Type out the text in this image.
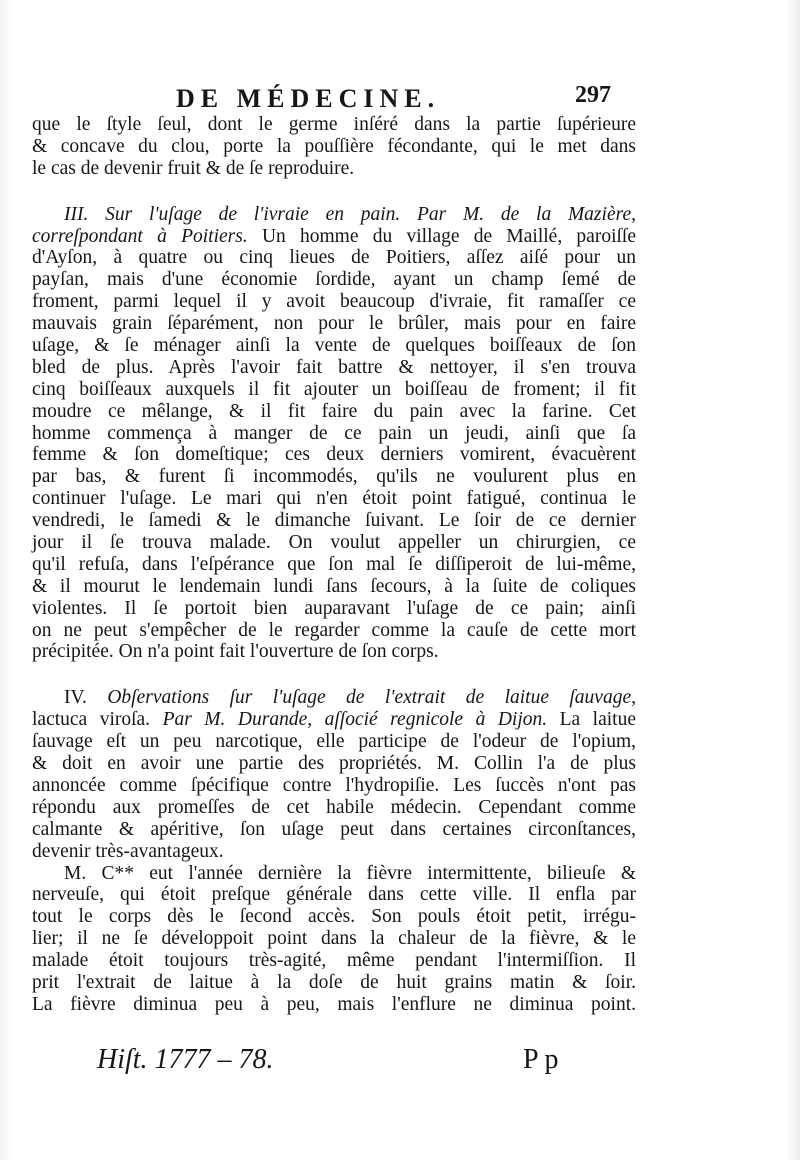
DE MÉDECINE.	297
que le ſtyle ſeul, dont le germe inſéré dans la partie ſupérieure
& concave du clou, porte la pouſſière fécondante, qui le met dans
le cas de devenir fruit & de ſe reproduire.
III. Sur l'uſage de l'ivraie en pain. Par M. de la Mazière,
correſpondant à Poitiers. Un homme du village de Maillé, paroiſſe
d'Ayſon, à quatre ou cinq lieues de Poitiers, aſſez aiſé pour un
payſan, mais d'une économie ſordide, ayant un champ ſemé de
froment, parmi lequel il y avoit beaucoup d'ivraie, fit ramaſſer ce
mauvais grain ſéparément, non pour le brûler, mais pour en faire
uſage, & ſe ménager ainſi la vente de quelques boiſſeaux de ſon
bled de plus. Après l'avoir fait battre & nettoyer, il s'en trouva
cinq boiſſeaux auxquels il fit ajouter un boiſſeau de froment; il fit
moudre ce mêlange, & il fit faire du pain avec la farine. Cet
homme commença à manger de ce pain un jeudi, ainſi que ſa
femme & ſon domeſtique; ces deux derniers vomirent, évacuèrent
par bas, & furent ſi incommodés, qu'ils ne voulurent plus en
continuer l'uſage. Le mari qui n'en étoit point fatigué, continua le
vendredi, le ſamedi & le dimanche ſuivant. Le ſoir de ce dernier
jour il ſe trouva malade. On voulut appeller un chirurgien, ce
qu'il refuſa, dans l'eſpérance que ſon mal ſe diſſiperoit de lui-même,
& il mourut le lendemain lundi ſans ſecours, à la ſuite de coliques
violentes. Il ſe portoit bien auparavant l'uſage de ce pain; ainſi
on ne peut s'empêcher de le regarder comme la cauſe de cette mort
précipitée. On n'a point fait l'ouverture de ſon corps.
IV. Obſervations ſur l'uſage de l'extrait de laitue ſauvage,
lactuca viroſa. Par M. Durande, aſſocié regnicole à Dijon. La laitue
ſauvage eſt un peu narcotique, elle participe de l'odeur de l'opium,
& doit en avoir une partie des propriétés. M. Collin l'a de plus
annoncée comme ſpécifique contre l'hydropiſie. Les ſuccès n'ont pas
répondu aux promeſſes de cet habile médecin. Cependant comme
calmante & apéritive, ſon uſage peut dans certaines circonſtances,
devenir très-avantageux.
M. C** eut l'année dernière la fièvre intermittente, bilieuſe &
nerveuſe, qui étoit preſque générale dans cette ville. Il enfla par
tout le corps dès le ſecond accès. Son pouls étoit petit, irrégu-
lier; il ne ſe développoit point dans la chaleur de la fièvre, & le
malade étoit toujours très-agité, même pendant l'intermiſſion. Il
prit l'extrait de laitue à la doſe de huit grains matin & ſoir.
La fièvre diminua peu à peu, mais l'enflure ne diminua point.
Hiſt. 1777 – 78.	P p
